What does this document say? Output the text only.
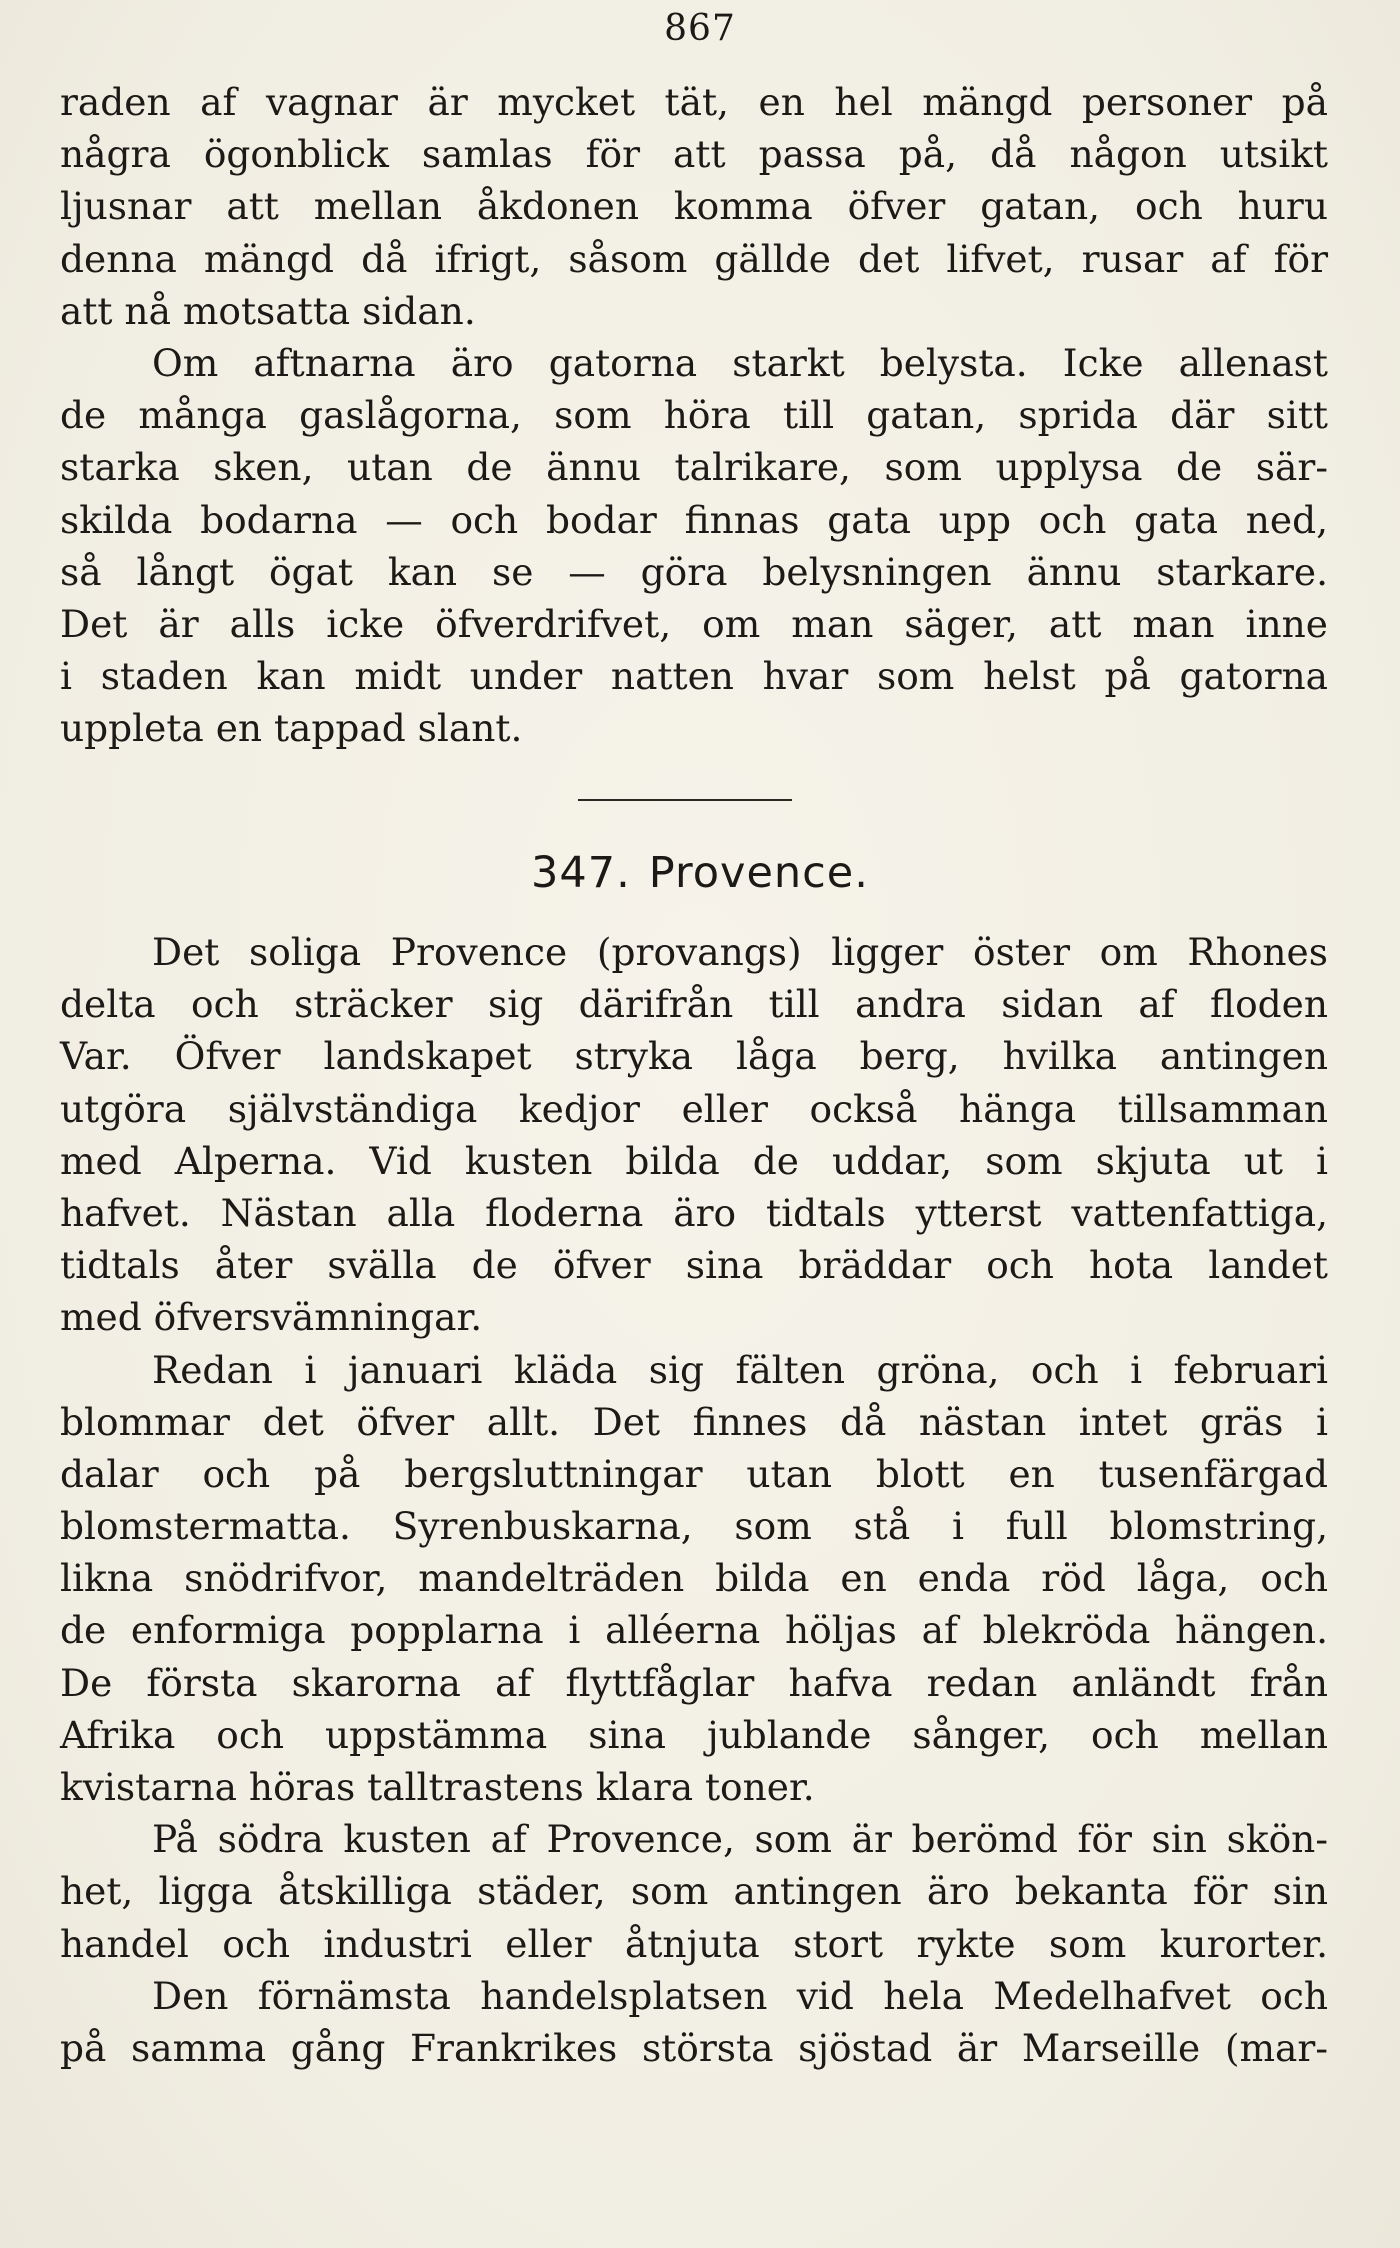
867
raden af vagnar är mycket tät, en hel mängd personer på
några ögonblick samlas för att passa på, då någon utsikt
ljusnar att mellan åkdonen komma öfver gatan, och huru
denna mängd då ifrigt, såsom gällde det lifvet, rusar af för
att nå motsatta sidan.
Om aftnarna äro gatorna starkt belysta. Icke allenast
de många gaslågorna, som höra till gatan, sprida där sitt
starka sken, utan de ännu talrikare, som upplysa de sär-
skilda bodarna — och bodar finnas gata upp och gata ned,
så långt ögat kan se — göra belysningen ännu starkare.
Det är alls icke öfverdrifvet, om man säger, att man inne
i staden kan midt under natten hvar som helst på gatorna
uppleta en tappad slant.
347. Provence.
Det soliga Provence (provangs) ligger öster om Rhones
delta och sträcker sig därifrån till andra sidan af floden
Var. Öfver landskapet stryka låga berg, hvilka antingen
utgöra självständiga kedjor eller också hänga tillsamman
med Alperna. Vid kusten bilda de uddar, som skjuta ut i
hafvet. Nästan alla floderna äro tidtals ytterst vattenfattiga,
tidtals åter svälla de öfver sina bräddar och hota landet
med öfversvämningar.
Redan i januari kläda sig fälten gröna, och i februari
blommar det öfver allt. Det finnes då nästan intet gräs i
dalar och på bergsluttningar utan blott en tusenfärgad
blomstermatta. Syrenbuskarna, som stå i full blomstring,
likna snödrifvor, mandelträden bilda en enda röd låga, och
de enformiga popplarna i alléerna höljas af blekröda hängen.
De första skarorna af flyttfåglar hafva redan anländt från
Afrika och uppstämma sina jublande sånger, och mellan
kvistarna höras talltrastens klara toner.
På södra kusten af Provence, som är berömd för sin skön-
het, ligga åtskilliga städer, som antingen äro bekanta för sin
handel och industri eller åtnjuta stort rykte som kurorter.
Den förnämsta handelsplatsen vid hela Medelhafvet och
på samma gång Frankrikes största sjöstad är Marseille (mar-
